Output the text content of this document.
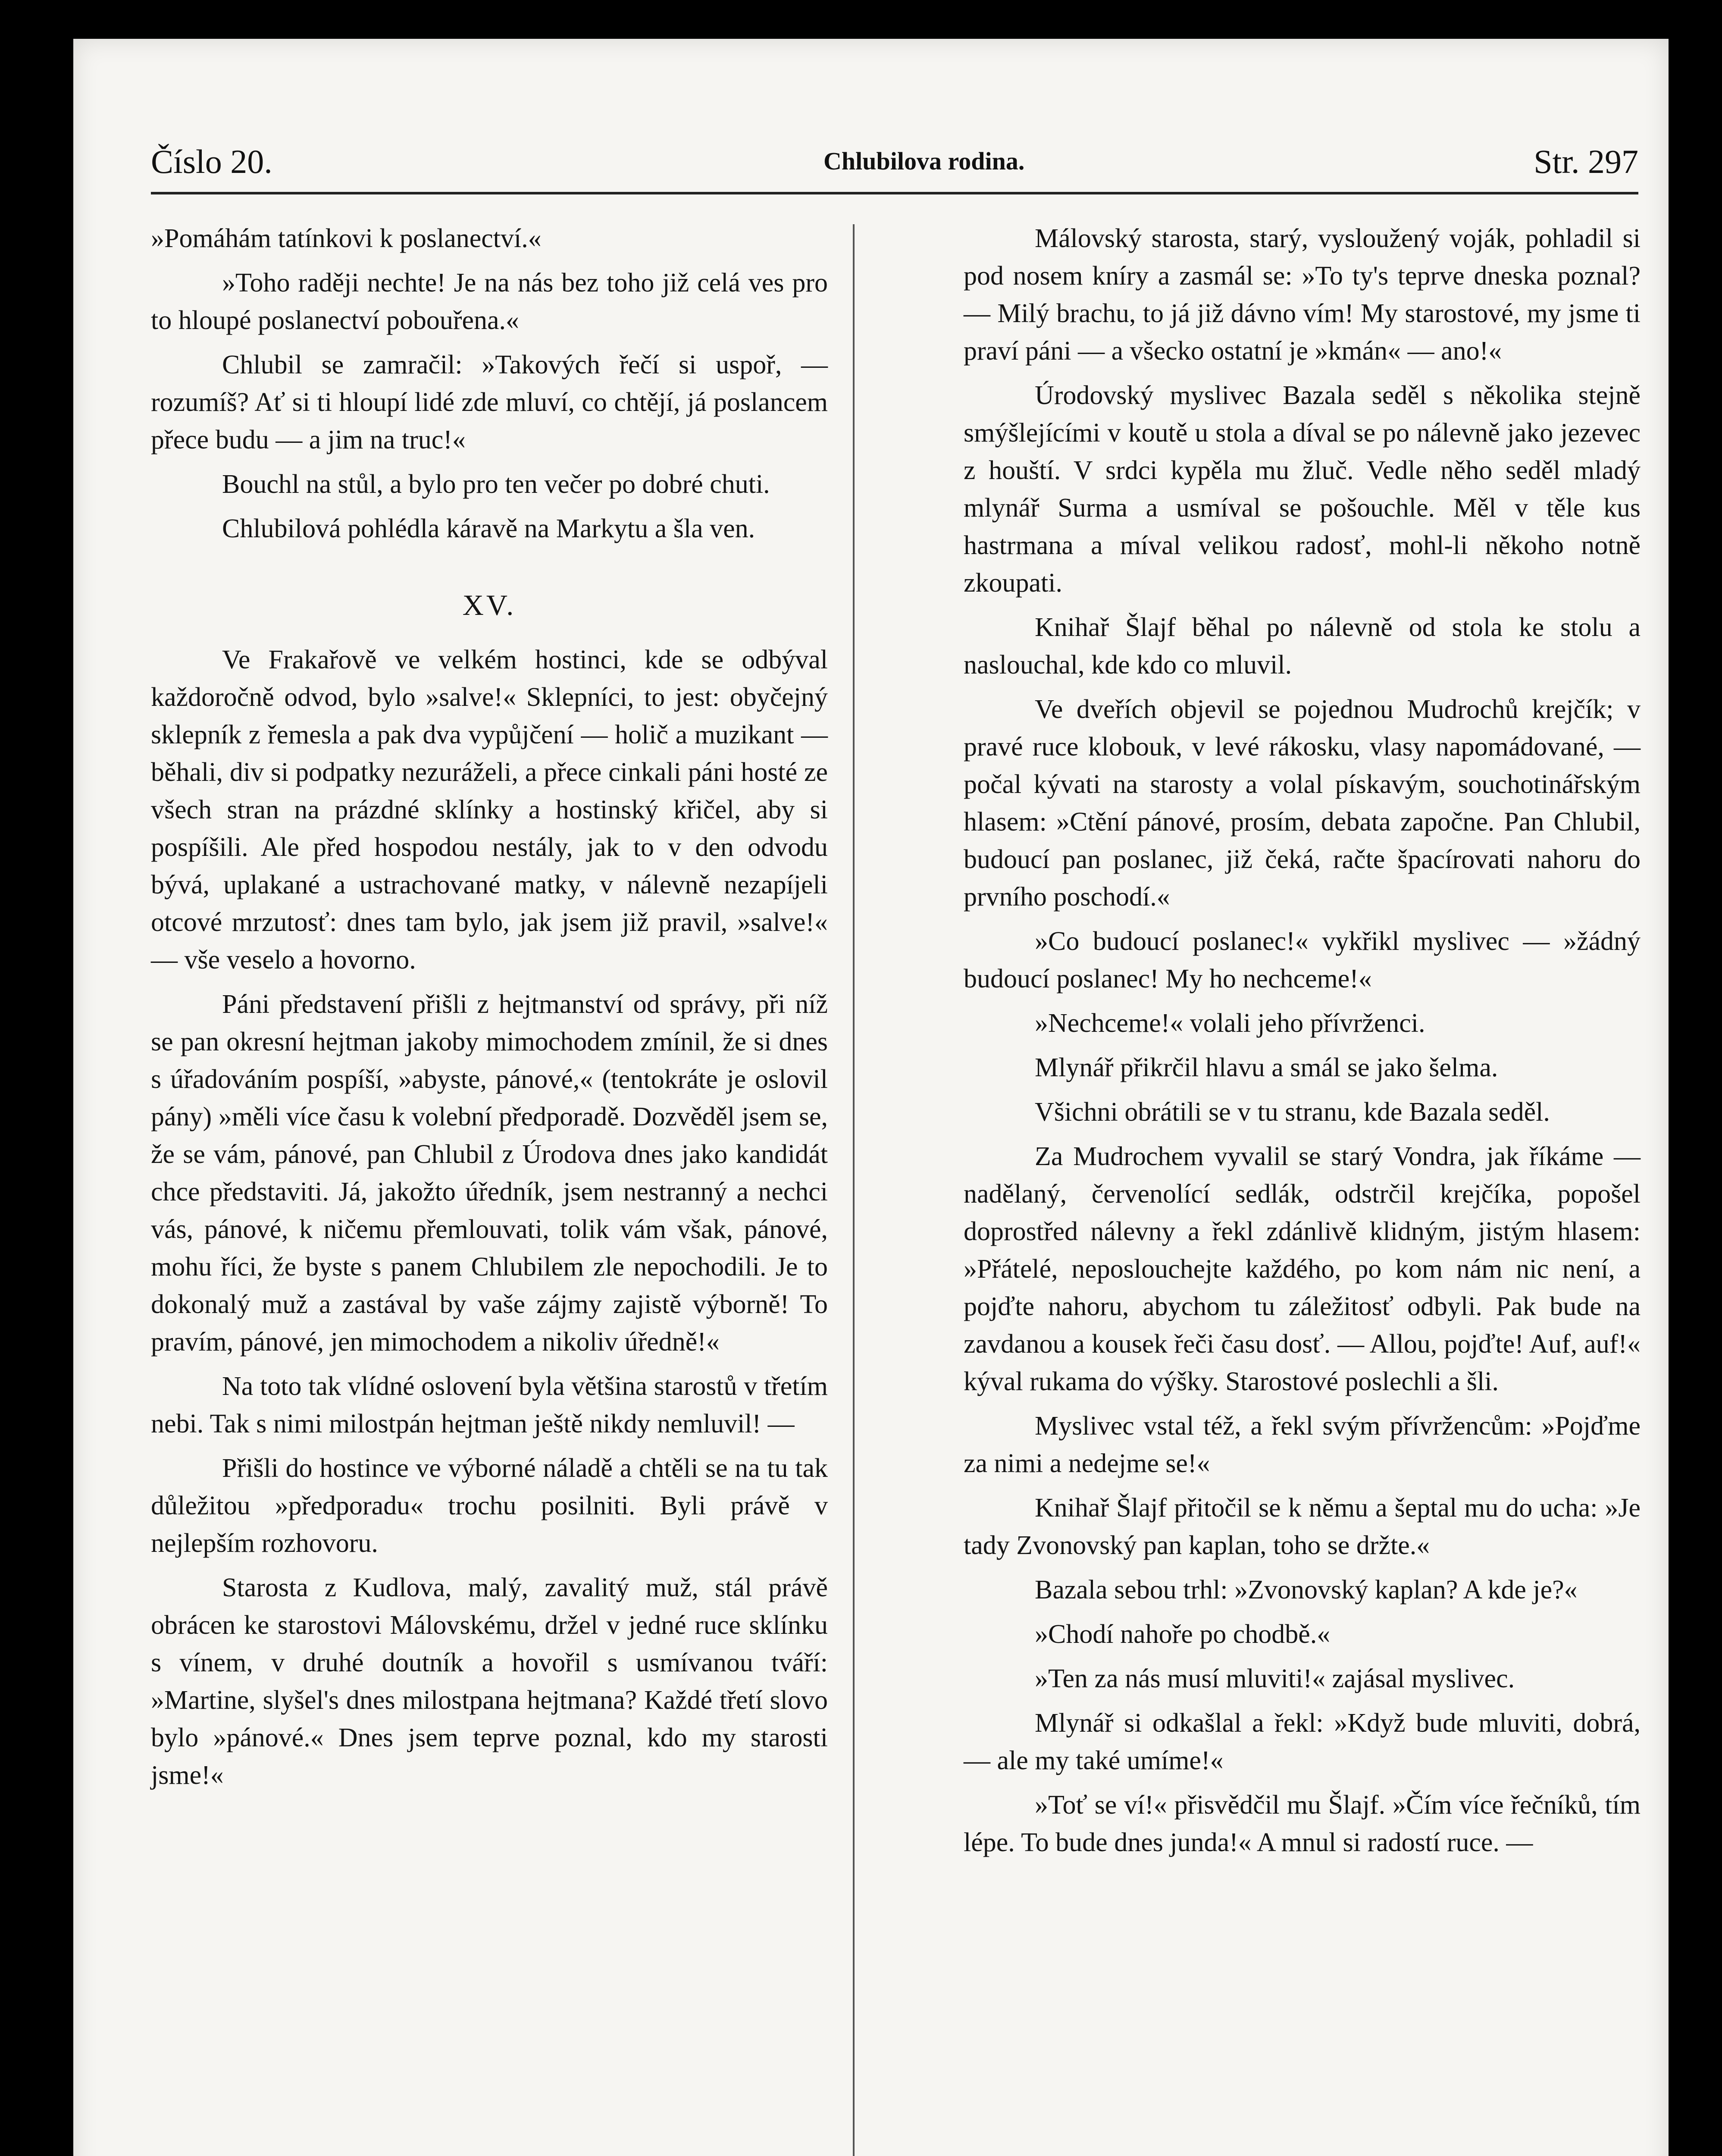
Číslo 20.	Chlubilova rodina.	Str. 297

»Pomáhám tatínkovi k poslanectví.«

»Toho raději nechte! Je na nás bez toho již celá ves pro to hloupé poslanectví pobouřena.«

Chlubil se zamračil: »Takových řečí si uspoř, — rozumíš? Ať si ti hloupí lidé zde mluví, co chtějí, já poslancem přece budu — a jim na truc!«

Bouchl na stůl, a bylo pro ten večer po dobré chuti.

Chlubilová pohlédla káravě na Markytu a šla ven.

XV.

Ve Frakařově ve velkém hostinci, kde se odbýval každoročně odvod, bylo »salve!« Sklepníci, to jest: obyčejný sklepník z řemesla a pak dva vypůjčení — holič a muzikant — běhali, div si podpatky nezuráželi, a přece cinkali páni hosté ze všech stran na prázdné sklínky a hostinský křičel, aby si pospíšili. Ale před hospodou nestály, jak to v den odvodu bývá, uplakané a ustrachované matky, v nálevně nezapíjeli otcové mrzutosť: dnes tam bylo, jak jsem již pravil, »salve!« — vše veselo a hovorno.

Páni představení přišli z hejtmanství od správy, při níž se pan okresní hejtman jakoby mimochodem zmínil, že si dnes s úřadováním pospíší, »abyste, pánové,« (tentokráte je oslovil pány) »měli více času k volební předporadě. Dozvěděl jsem se, že se vám, pánové, pan Chlubil z Úrodova dnes jako kandidát chce představiti. Já, jakožto úředník, jsem nestranný a nechci vás, pánové, k ničemu přemlouvati, tolik vám však, pánové, mohu říci, že byste s panem Chlubilem zle nepochodili. Je to dokonalý muž a zastával by vaše zájmy zajistě výborně! To pravím, pánové, jen mimochodem a nikoliv úředně!«

Na toto tak vlídné oslovení byla většina starostů v třetím nebi. Tak s nimi milostpán hejtman ještě nikdy nemluvil! —

Přišli do hostince ve výborné náladě a chtěli se na tu tak důležitou »předporadu« trochu posilniti. Byli právě v nejlepším rozhovoru.

Starosta z Kudlova, malý, zavalitý muž, stál právě obrácen ke starostovi Málovskému, držel v jedné ruce sklínku s vínem, v druhé doutník a hovořil s usmívanou tváří: »Martine, slyšel's dnes milostpana hejtmana? Každé třetí slovo bylo »pánové.« Dnes jsem teprve poznal, kdo my starosti jsme!«

Málovský starosta, starý, vysloužený voják, pohladil si pod nosem kníry a zasmál se: »To ty's teprve dneska poznal? — Milý brachu, to já již dávno vím! My starostové, my jsme ti praví páni — a všecko ostatní je »kmán« — ano!«

Úrodovský myslivec Bazala seděl s několika stejně smýšlejícími v koutě u stola a díval se po nálevně jako jezevec z houští. V srdci kypěla mu žluč. Vedle něho seděl mladý mlynář Surma a usmíval se pošouchle. Měl v těle kus hastrmana a míval velikou radosť, mohl-li někoho notně zkoupati.

Knihař Šlajf běhal po nálevně od stola ke stolu a naslouchal, kde kdo co mluvil.

Ve dveřích objevil se pojednou Mudrochů krejčík; v pravé ruce klobouk, v levé rákosku, vlasy napomádované, — počal kývati na starosty a volal pískavým, souchotinářským hlasem: »Ctění pánové, prosím, debata započne. Pan Chlubil, budoucí pan poslanec, již čeká, račte špacírovati nahoru do prvního poschodí.«

»Co budoucí poslanec!« vykřikl myslivec — »žádný budoucí poslanec! My ho nechceme!«

»Nechceme!« volali jeho přívrženci.

Mlynář přikrčil hlavu a smál se jako šelma.

Všichni obrátili se v tu stranu, kde Bazala seděl.

Za Mudrochem vyvalil se starý Vondra, jak říkáme — nadělaný, červenolící sedlák, odstrčil krejčíka, popošel doprostřed nálevny a řekl zdánlivě klidným, jistým hlasem: »Přátelé, neposlouchejte každého, po kom nám nic není, a pojďte nahoru, abychom tu záležitosť odbyli. Pak bude na zavdanou a kousek řeči času dosť. — Allou, pojďte! Auf, auf!« kýval rukama do výšky. Starostové poslechli a šli.

Myslivec vstal též, a řekl svým přívržencům: »Pojďme za nimi a nedejme se!«

Knihař Šlajf přitočil se k němu a šeptal mu do ucha: »Je tady Zvonovský pan kaplan, toho se držte.«

Bazala sebou trhl: »Zvonovský kaplan? A kde je?«

»Chodí nahoře po chodbě.«

»Ten za nás musí mluviti!« zajásal myslivec.

Mlynář si odkašlal a řekl: »Když bude mluviti, dobrá, — ale my také umíme!«

»Toť se ví!« přisvědčil mu Šlajf. »Čím více řečníků, tím lépe. To bude dnes junda!« A mnul si radostí ruce. —
